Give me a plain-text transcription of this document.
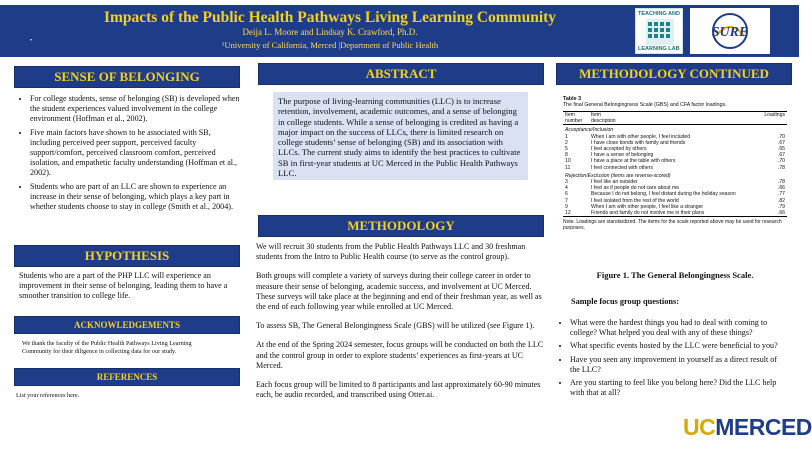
Impacts of the Public Health Pathways Living Learning Community
Deija L. Moore and Lindsay K. Crawford, Ph.D.
¹University of California, Merced |Department of Public Health
•
TEACHING AND
LEARNING LAB
SURE
SENSE OF BELONGING
• For college students, sense of belonging (SB) is developed when the student experiences valued involvement in the college environment (Hoffman et al., 2002).
• Five main factors have shown to be associated with SB, including perceived peer support, perceived faculty support/comfort, perceived classroom comfort, perceived isolation, and empathetic faculty understanding (Hoffman et al., 2002).
• Students who are part of an LLC are shown to experience an increase in their sense of belonging, which plays a key part in whether students choose to stay in college (Smith et al., 2004).
HYPOTHESIS
Students who are a part of the PHP LLC will experience an improvement in their sense of belonging, leading them to have a smoother transition to college life.
ACKNOWLEDGEMENTS
We thank the faculty of the Public Health Pathways Living Learning Community for their diligence in collecting data for our study.
REFERENCES
List your references here.
ABSTRACT
The purpose of living-learning communities (LLC) is to increase retention, involvement, academic outcomes, and a sense of belonging in college students. While a sense of belonging is credited as having a major impact on the success of LLCs, there is limited research on college students’ sense of belonging (SB) and its association with LLCs. The current study aims to identify the best practices to cultivate SB in first-year students at UC Merced in the Public Health Pathways LLC.
METHODOLOGY

We will recruit 30 students from the Public Health Pathways LLC and 30 freshman students from the Intro to Public Health course (to serve as the control group).

Both groups will complete a variety of surveys during their college career in order to measure their sense of belonging, academic success, and involvement at UC Merced. These surveys will take place at the beginning and end of their freshman year, as well as the end of each following year while enrolled at UC Merced.

To assess SB, The General Belongingness Scale (GBS) will be utilized (see Figure 1).

At the end of the Spring 2024 semester, focus groups will be conducted on both the LLC and the control group in order to explore students’ experiences as first-years at UC Merced.

Each focus group will be limited to 8 participants and last approximately 60-90 minutes each, be audio recorded, and transcribed using Otter.ai.

METHODOLOGY CONTINUED
Table 3
The final General Belongingness Scale (GBS) and CFA factor loadings.
Item	Item	Loadings
number	description	
Acceptance/Inclusion		
1	When I am with other people, I feel included	.70
2	I have close bonds with family and friends	.67
5	I feel accepted by others	.65
8	I have a sense of belonging	.67
10	I have a place at the table with others	.70
11	I feel connected with others	.78
Rejection/Exclusion (items are reverse-scored)		
3	I feel like an outsider	.78
4	I feel as if people do not care about me	.66
6	Because I do not belong, I feel distant during the holiday season	.77
7	I feel isolated from the rest of the world	.82
9	When I am with other people, I feel like a stranger	.79
12	Friends and family do not involve me in their plans	.66
Note. Loadings are standardized. The items for the scale reported above may be used for research purposes.
Figure 1. The General Belongingness Scale.
Sample focus group questions:
• What were the hardest things you had to deal with coming to college? What helped you deal with any of these things?
• What specific events hosted by the LLC were beneficial to you?
• Have you seen any improvement in yourself as a direct result of the LLC?
• Are you starting to feel like you belong here? Did the LLC help with that at all?
UCMERCED
